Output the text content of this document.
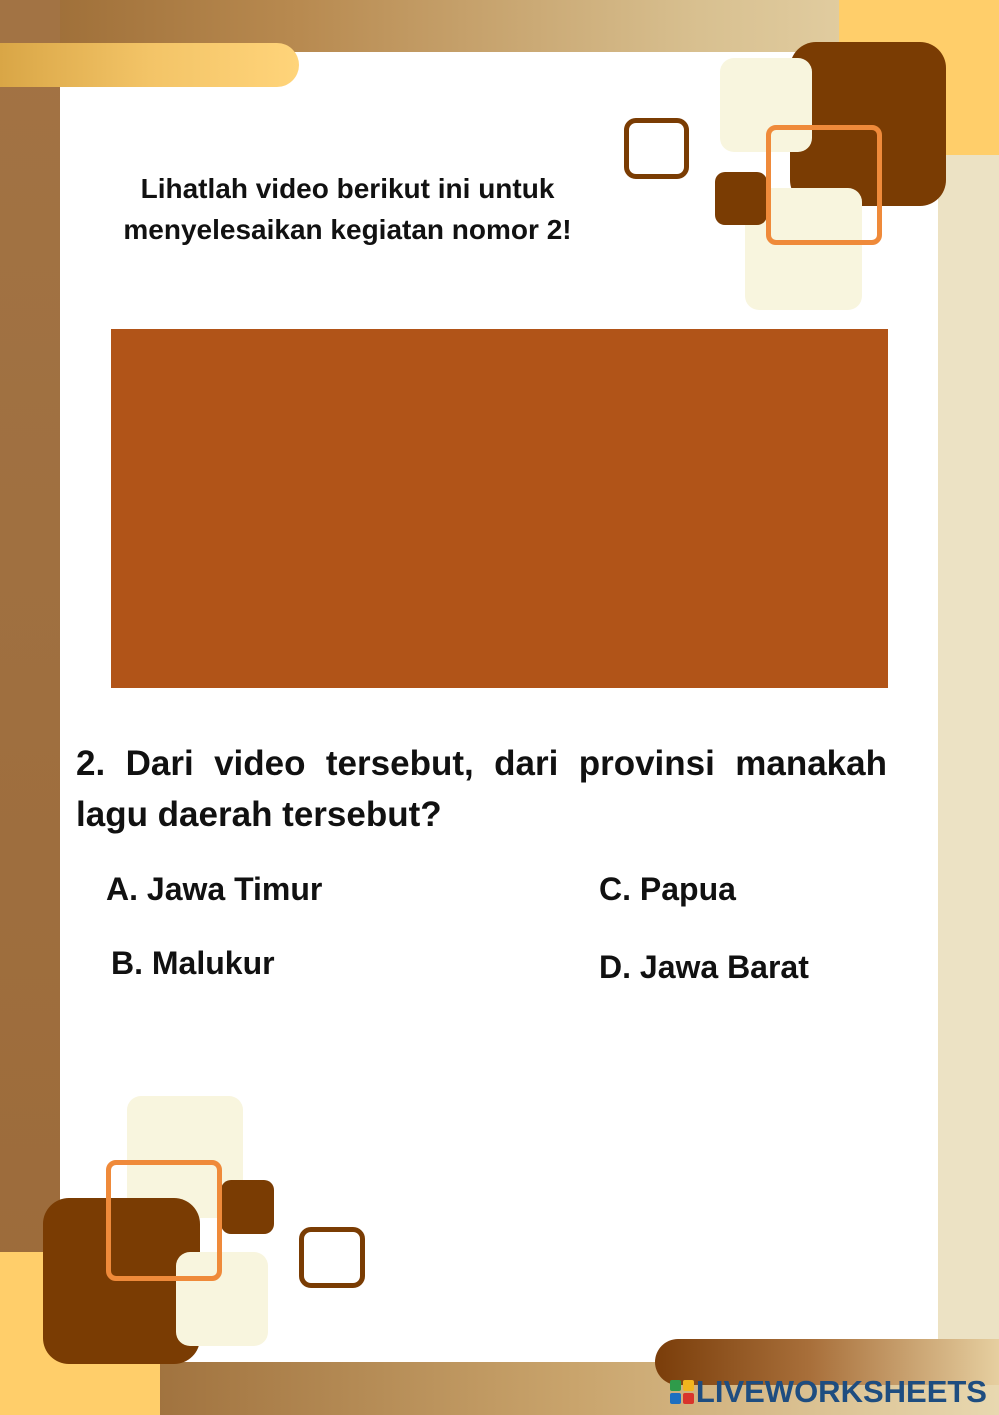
Lihatlah video berikut ini untuk
menyelesaikan kegiatan nomor 2!
2. Dari video tersebut, dari provinsi manakah lagu daerah tersebut?
A. Jawa Timur
B. Malukur
C. Papua
D. Jawa Barat
LIVEWORKSHEETS
